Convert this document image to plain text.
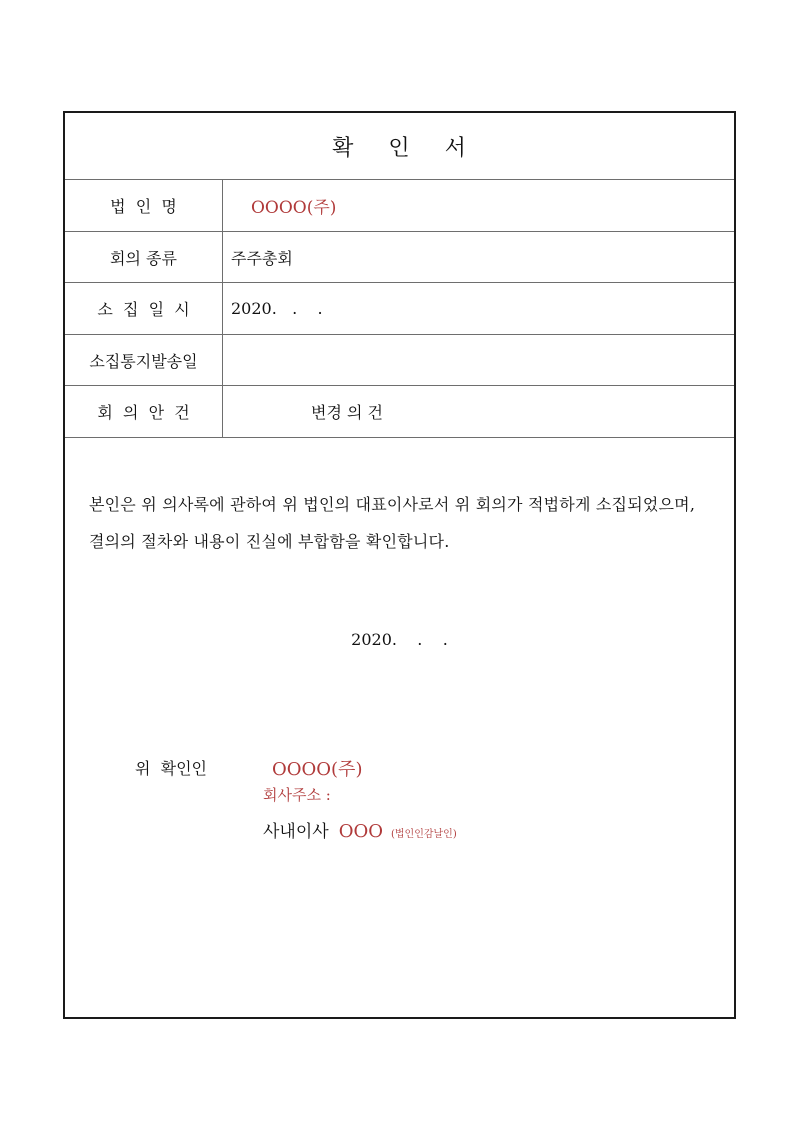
확 인 서
법  인  명	OOOO(주)
회의 종류	주주총회
소  집  일  시	2020.   .    .
소집통지발송일
회  의  안  건	변경 의 건
본인은 위 의사록에 관하여 위 법인의 대표이사로서 위 회의가 적법하게 소집되었으며, 결의의 절차와 내용이 진실에 부합함을 확인합니다.
2020.    .    .
위  확인인	OOOO(주)
회사주소 :
사내이사 OOO (법인인감날인)
